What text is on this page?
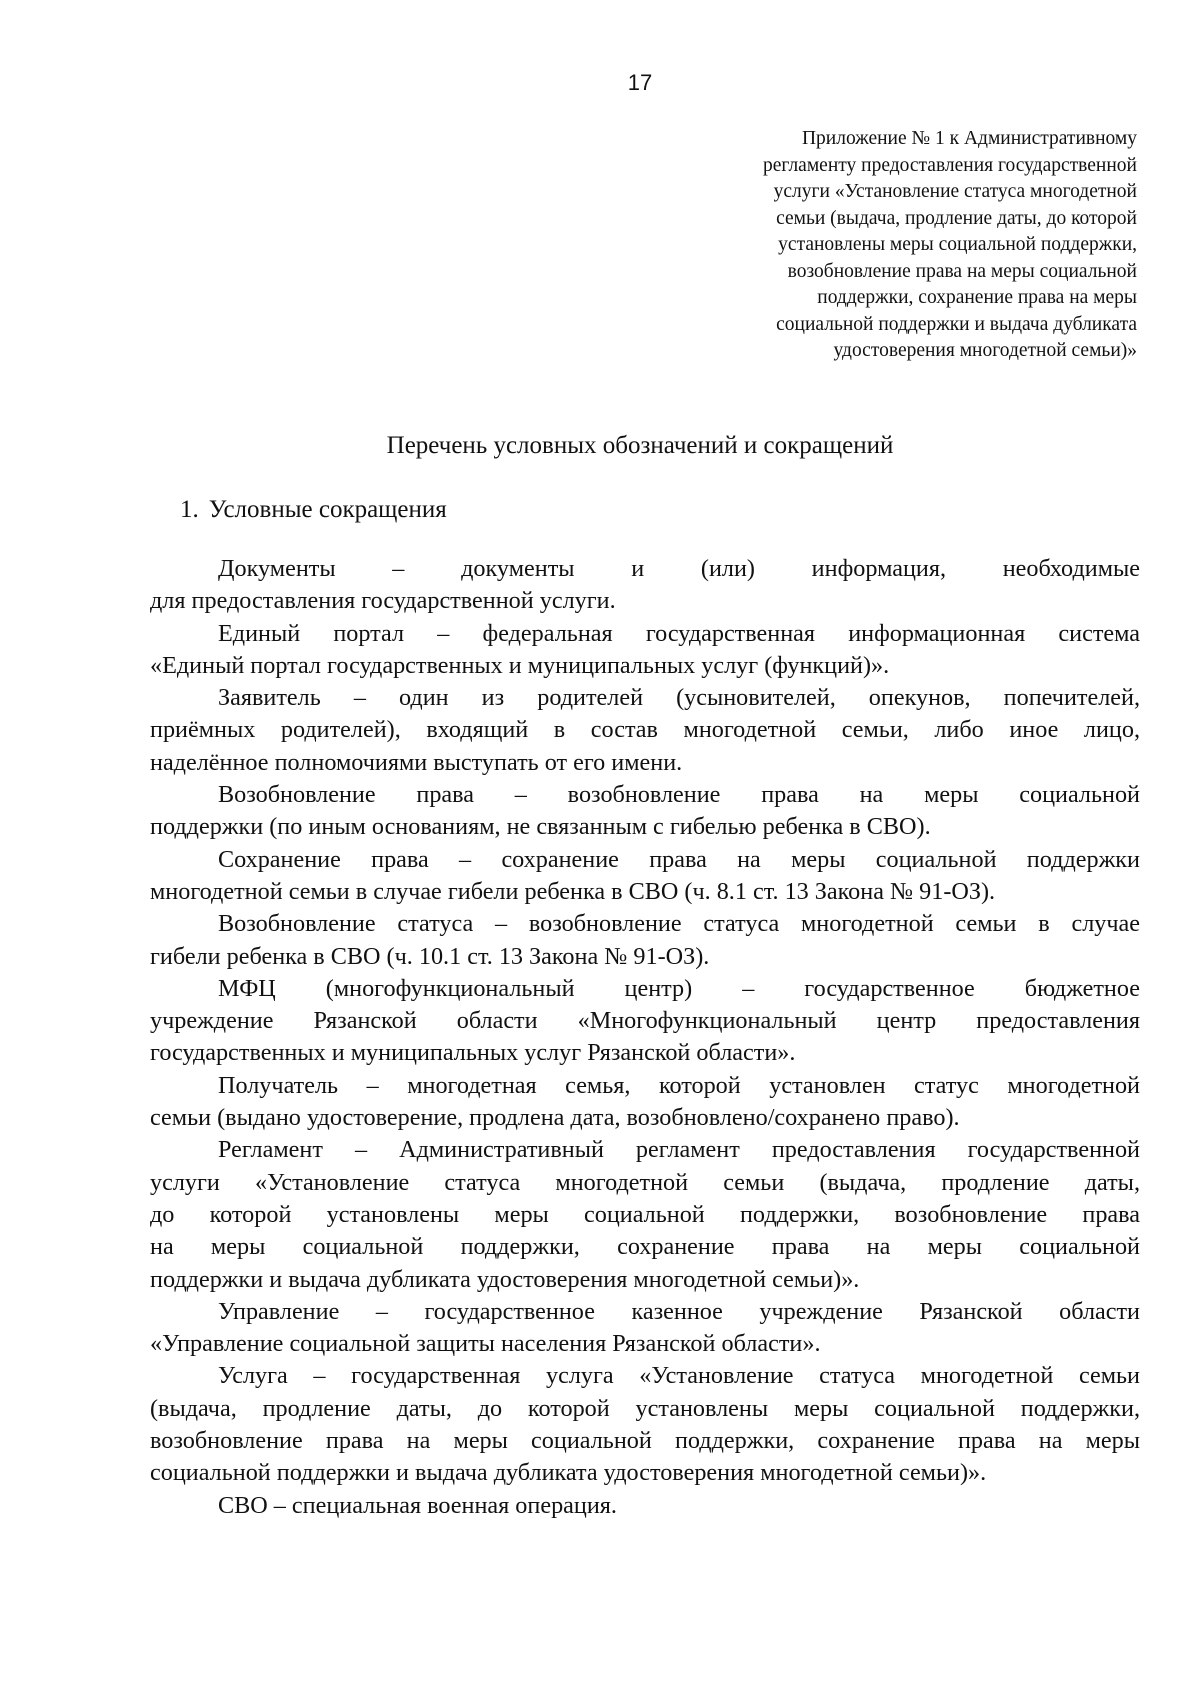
17
Приложение № 1 к Административному
регламенту предоставления государственной
услуги «Установление статуса многодетной
семьи (выдача, продление даты, до которой
установлены меры социальной поддержки,
возобновление права на меры социальной
поддержки, сохранение права на меры
социальной поддержки и выдача дубликата
удостоверения многодетной семьи)»
Перечень условных обозначений и сокращений
1. Условные сокращения
Документы – документы и (или) информация, необходимые
для предоставления государственной услуги.
Единый портал – федеральная государственная информационная система
«Единый портал государственных и муниципальных услуг (функций)».
Заявитель – один из родителей (усыновителей, опекунов, попечителей,
приёмных родителей), входящий в состав многодетной семьи, либо иное лицо,
наделённое полномочиями выступать от его имени.
Возобновление права – возобновление права на меры социальной
поддержки (по иным основаниям, не связанным с гибелью ребенка в СВО).
Сохранение права – сохранение права на меры социальной поддержки
многодетной семьи в случае гибели ребенка в СВО (ч. 8.1 ст. 13 Закона № 91-ОЗ).
Возобновление статуса – возобновление статуса многодетной семьи в случае
гибели ребенка в СВО (ч. 10.1 ст. 13 Закона № 91-ОЗ).
МФЦ (многофункциональный центр) – государственное бюджетное
учреждение Рязанской области «Многофункциональный центр предоставления
государственных и муниципальных услуг Рязанской области».
Получатель – многодетная семья, которой установлен статус многодетной
семьи (выдано удостоверение, продлена дата, возобновлено/сохранено право).
Регламент – Административный регламент предоставления государственной
услуги «Установление статуса многодетной семьи (выдача, продление даты,
до которой установлены меры социальной поддержки, возобновление права
на меры социальной поддержки, сохранение права на меры социальной
поддержки и выдача дубликата удостоверения многодетной семьи)».
Управление – государственное казенное учреждение Рязанской области
«Управление социальной защиты населения Рязанской области».
Услуга – государственная услуга «Установление статуса многодетной семьи
(выдача, продление даты, до которой установлены меры социальной поддержки,
возобновление права на меры социальной поддержки, сохранение права на меры
социальной поддержки и выдача дубликата удостоверения многодетной семьи)».
СВО – специальная военная операция.
